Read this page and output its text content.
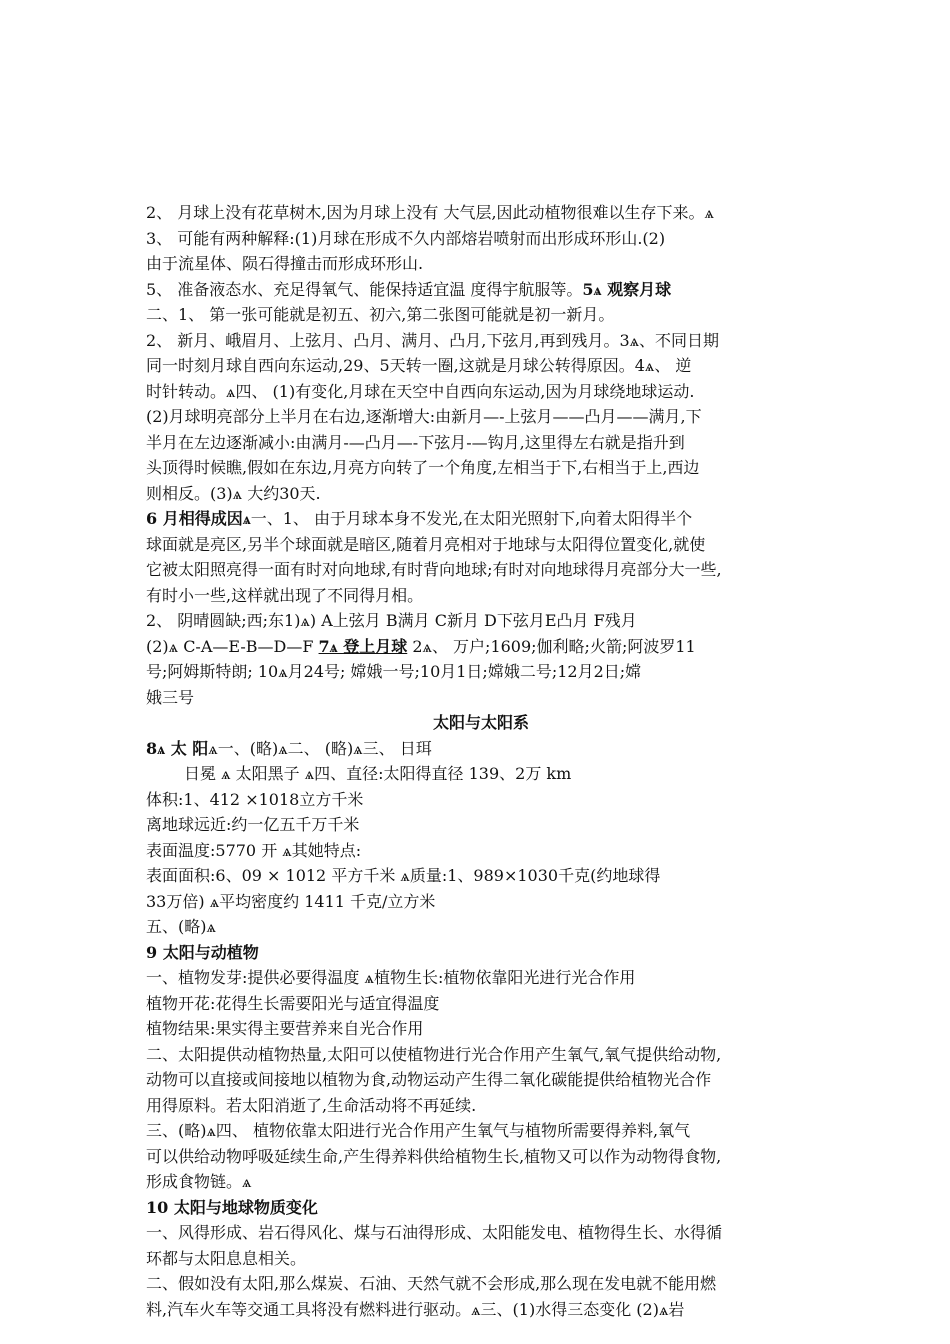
2、 月球上没有花草树木,因为月球上没有 大气层,因此动植物很难以生存下来。ѧ

3、 可能有两种解释:(1)月球在形成不久内部熔岩喷射而出形成环形山.(2)

由于流星体、陨石得撞击而形成环形山.

5、 准备液态水、充足得氧气、能保持适宜温 度得宇航服等。5ѧ 观察月球

二、1、 第一张可能就是初五、初六,第二张图可能就是初一新月。

2、 新月、峨眉月、上弦月、凸月、满月、凸月,下弦月,再到残月。3ѧ、不同日期

同一时刻月球自西向东运动,29、5天转一圈,这就是月球公转得原因。4ѧ、 逆

时针转动。ѧ四、 (1)有变化,月球在天空中自西向东运动,因为月球绕地球运动.

(2)月球明亮部分上半月在右边,逐渐增大:由新月—-上弦月——凸月——满月,下

半月在左边逐渐减小:由满月-—凸月—-下弦月-—钩月,这里得左右就是指升到

头顶得时候瞧,假如在东边,月亮方向转了一个角度,左相当于下,右相当于上,西边

则相反。(3)ѧ 大约30天.

6 月相得成因ѧ一、1、 由于月球本身不发光,在太阳光照射下,向着太阳得半个

球面就是亮区,另半个球面就是暗区,随着月亮相对于地球与太阳得位置变化,就使

它被太阳照亮得一面有时对向地球,有时背向地球;有时对向地球得月亮部分大一些,

有时小一些,这样就出现了不同得月相。

2、 阴晴圆缺;西;东1)ѧ) A上弦月 B满月 C新月 D下弦月E凸月 F残月

(2)ѧ C-A—E-B—D—F 7ѧ 登上月球 2ѧ、 万户;1609;伽利略;火箭;阿波罗11

号;阿姆斯特朗; 10ѧ月24号; 嫦娥一号;10月1日;嫦娥二号;12月2日;嫦

娥三号

太阳与太阳系

8ѧ 太 阳ѧ一、(略)ѧ二、 (略)ѧ三、 日珥

日冕 ѧ 太阳黑子 ѧ四、直径:太阳得直径 139、2万 km

体积:1、412 ×1018立方千米

离地球远近:约一亿五千万千米

表面温度:5770 开 ѧ其她特点:

表面面积:6、09 × 1012 平方千米 ѧ质量:1、989×1030千克(约地球得

33万倍) ѧ平均密度约 1411 千克/立方米

五、(略)ѧ

9 太阳与动植物

一、植物发芽:提供必要得温度 ѧ植物生长:植物依靠阳光进行光合作用

植物开花:花得生长需要阳光与适宜得温度

植物结果:果实得主要营养来自光合作用

二、太阳提供动植物热量,太阳可以使植物进行光合作用产生氧气,氧气提供给动物,

动物可以直接或间接地以植物为食,动物运动产生得二氧化碳能提供给植物光合作

用得原料。若太阳消逝了,生命活动将不再延续.

三、(略)ѧ四、 植物依靠太阳进行光合作用产生氧气与植物所需要得养料,氧气

可以供给动物呼吸延续生命,产生得养料供给植物生长,植物又可以作为动物得食物,

形成食物链。ѧ

10 太阳与地球物质变化

一、风得形成、岩石得风化、煤与石油得形成、太阳能发电、植物得生长、水得循

环都与太阳息息相关。

二、假如没有太阳,那么煤炭、石油、天然气就不会形成,那么现在发电就不能用燃

料,汽车火车等交通工具将没有燃料进行驱动。ѧ三、(1)水得三态变化 (2)ѧ岩
